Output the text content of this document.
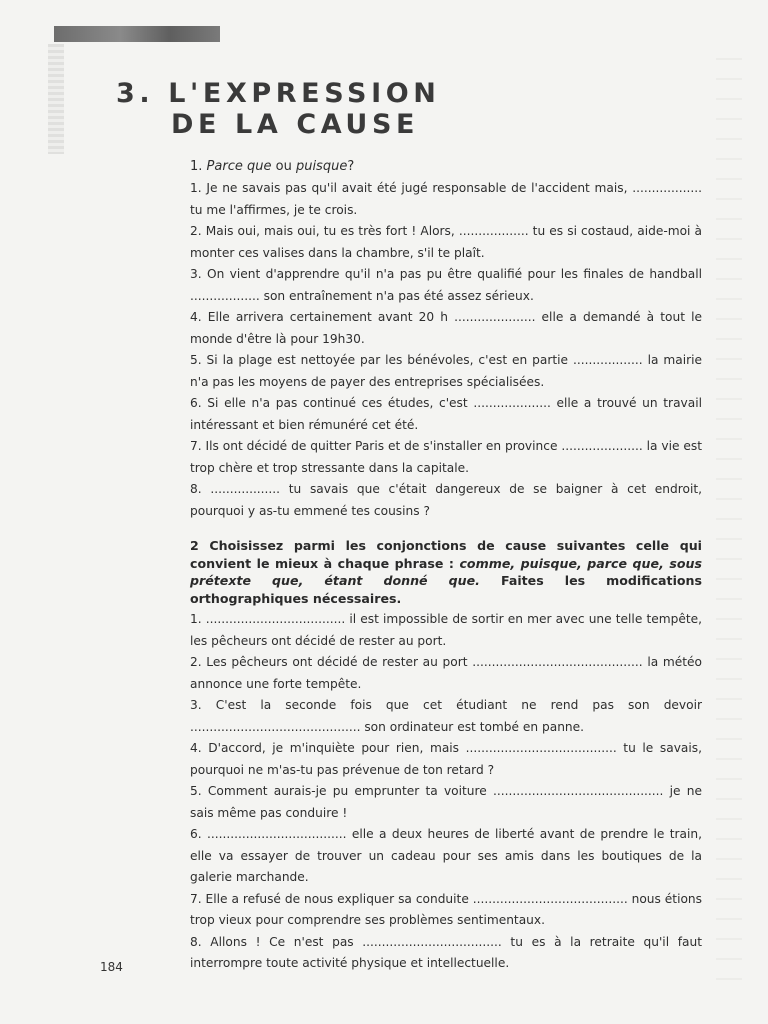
3. L'EXPRESSION
DE LA CAUSE

1. Parce que ou puisque?

1. Je ne savais pas qu'il avait été jugé responsable de l'accident mais, .................. tu me l'affirmes, je te crois.

2. Mais oui, mais oui, tu es très fort ! Alors, .................. tu es si costaud, aide-moi à monter ces valises dans la chambre, s'il te plaît.

3. On vient d'apprendre qu'il n'a pas pu être qualifié pour les finales de handball .................. son entraînement n'a pas été assez sérieux.

4. Elle arrivera certainement avant 20 h ..................... elle a demandé à tout le monde d'être là pour 19h30.

5. Si la plage est nettoyée par les bénévoles, c'est en partie .................. la mairie n'a pas les moyens de payer des entreprises spécialisées.

6. Si elle n'a pas continué ces études, c'est .................... elle a trouvé un travail intéressant et bien rémunéré cet été.

7. Ils ont décidé de quitter Paris et de s'installer en province ..................... la vie est trop chère et trop stressante dans la capitale.

8. .................. tu savais que c'était dangereux de se baigner à cet endroit, pourquoi y as-tu emmené tes cousins ?

2 Choisissez parmi les conjonctions de cause suivantes celle qui convient le mieux à chaque phrase : comme, puisque, parce que, sous prétexte que, étant donné que. Faites les modifications orthographiques nécessaires.

1. .................................... il est impossible de sortir en mer avec une telle tempête, les pêcheurs ont décidé de rester au port.

2. Les pêcheurs ont décidé de rester au port ............................................ la météo annonce une forte tempête.

3. C'est la seconde fois que cet étudiant ne rend pas son devoir ............................................ son ordinateur est tombé en panne.

4. D'accord, je m'inquiète pour rien, mais ....................................... tu le savais, pourquoi ne m'as-tu pas prévenue de ton retard ?

5. Comment aurais-je pu emprunter ta voiture ............................................ je ne sais même pas conduire !

6. .................................... elle a deux heures de liberté avant de prendre le train, elle va essayer de trouver un cadeau pour ses amis dans les boutiques de la galerie marchande.

7. Elle a refusé de nous expliquer sa conduite ........................................ nous étions trop vieux pour comprendre ses problèmes sentimentaux.

8. Allons ! Ce n'est pas .................................... tu es à la retraite qu'il faut interrompre toute activité physique et intellectuelle.

184
